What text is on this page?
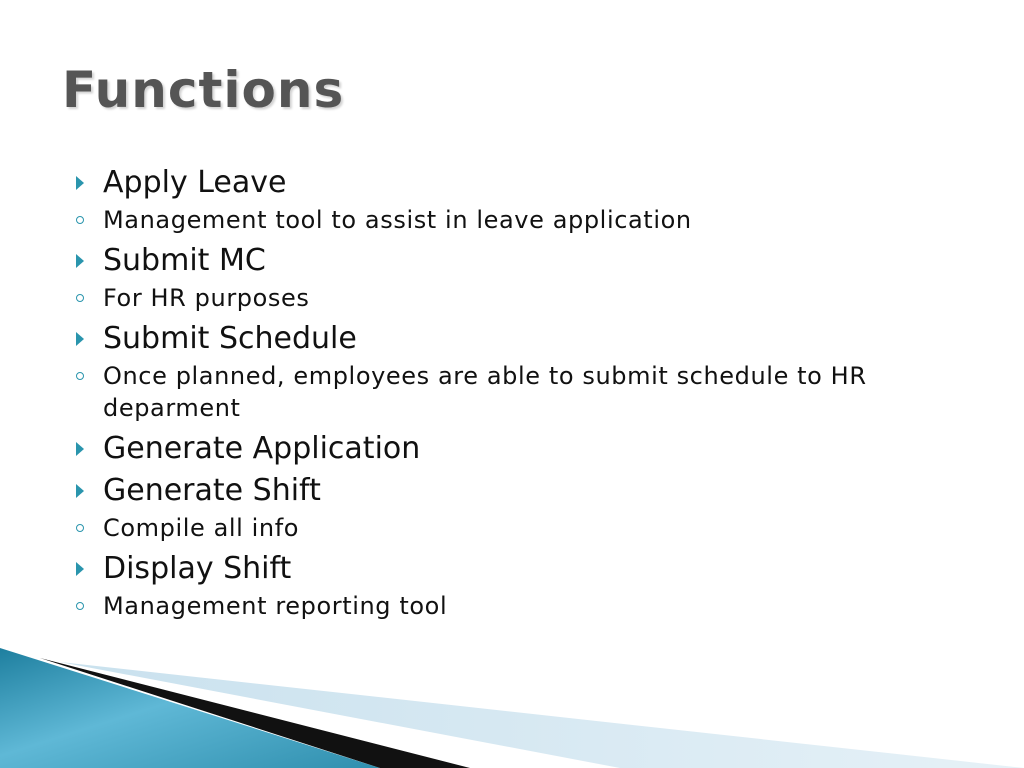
Functions
Apply Leave
Management tool to assist in leave application
Submit MC
For HR purposes
Submit Schedule
Once planned, employees are able to submit schedule to HR deparment
Generate Application
Generate Shift
Compile all info
Display Shift
Management reporting tool
